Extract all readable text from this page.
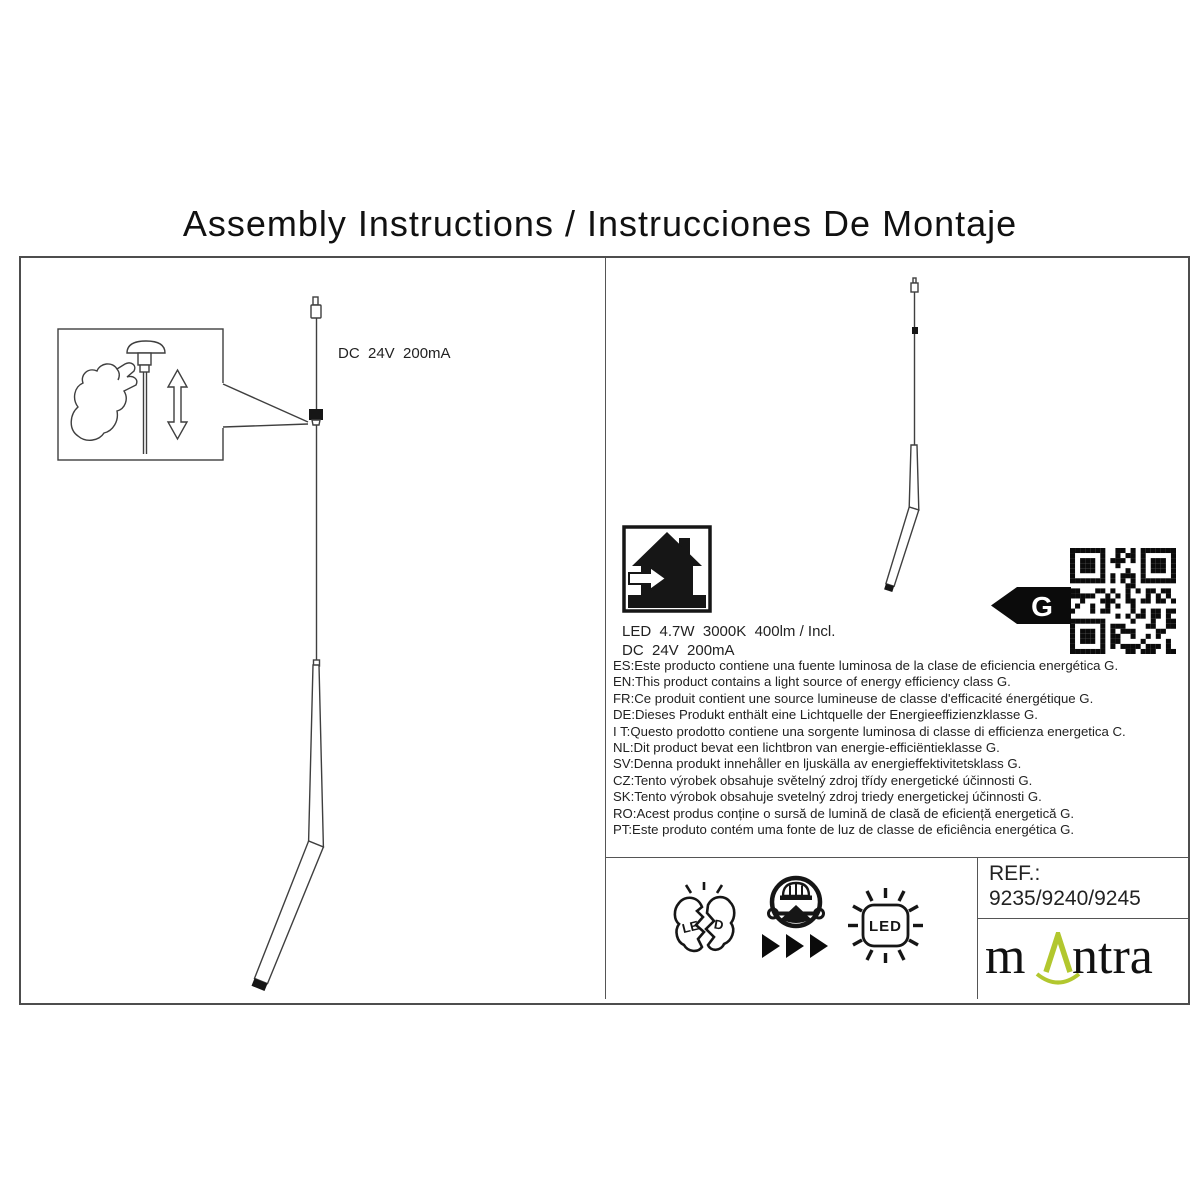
Assembly Instructions / Instrucciones De Montaje
DC  24V  200mA
LED  4.7W  3000K  400lm / Incl.
DC  24V  200mA
ES:Este producto contiene una fuente luminosa de la clase de eficiencia energética G.
EN:This product contains a light source of energy efficiency class G.
FR:Ce produit contient une source lumineuse de classe d'efficacité énergétique G.
DE:Dieses Produkt enthält eine Lichtquelle der Energieeffizienzklasse G.
I T:Questo prodotto contiene una sorgente luminosa di classe di efficienza energetica C.
NL:Dit product bevat een lichtbron van energie-efficiëntieklasse G.
SV:Denna produkt innehåller en ljuskälla av energieffektivitetsklass G.
CZ:Tento výrobek obsahuje světelný zdroj třídy energetické účinnosti G.
SK:Tento výrobok obsahuje svetelný zdroj triedy energetickej účinnosti G.
RO:Acest produs conține o sursă de lumină de clasă de eficiență energetică G.
PT:Este produto contém uma fonte de luz de classe de eficiência energética G.
G
LE D	LED
REF.:
9235/9240/9245
m ntra
